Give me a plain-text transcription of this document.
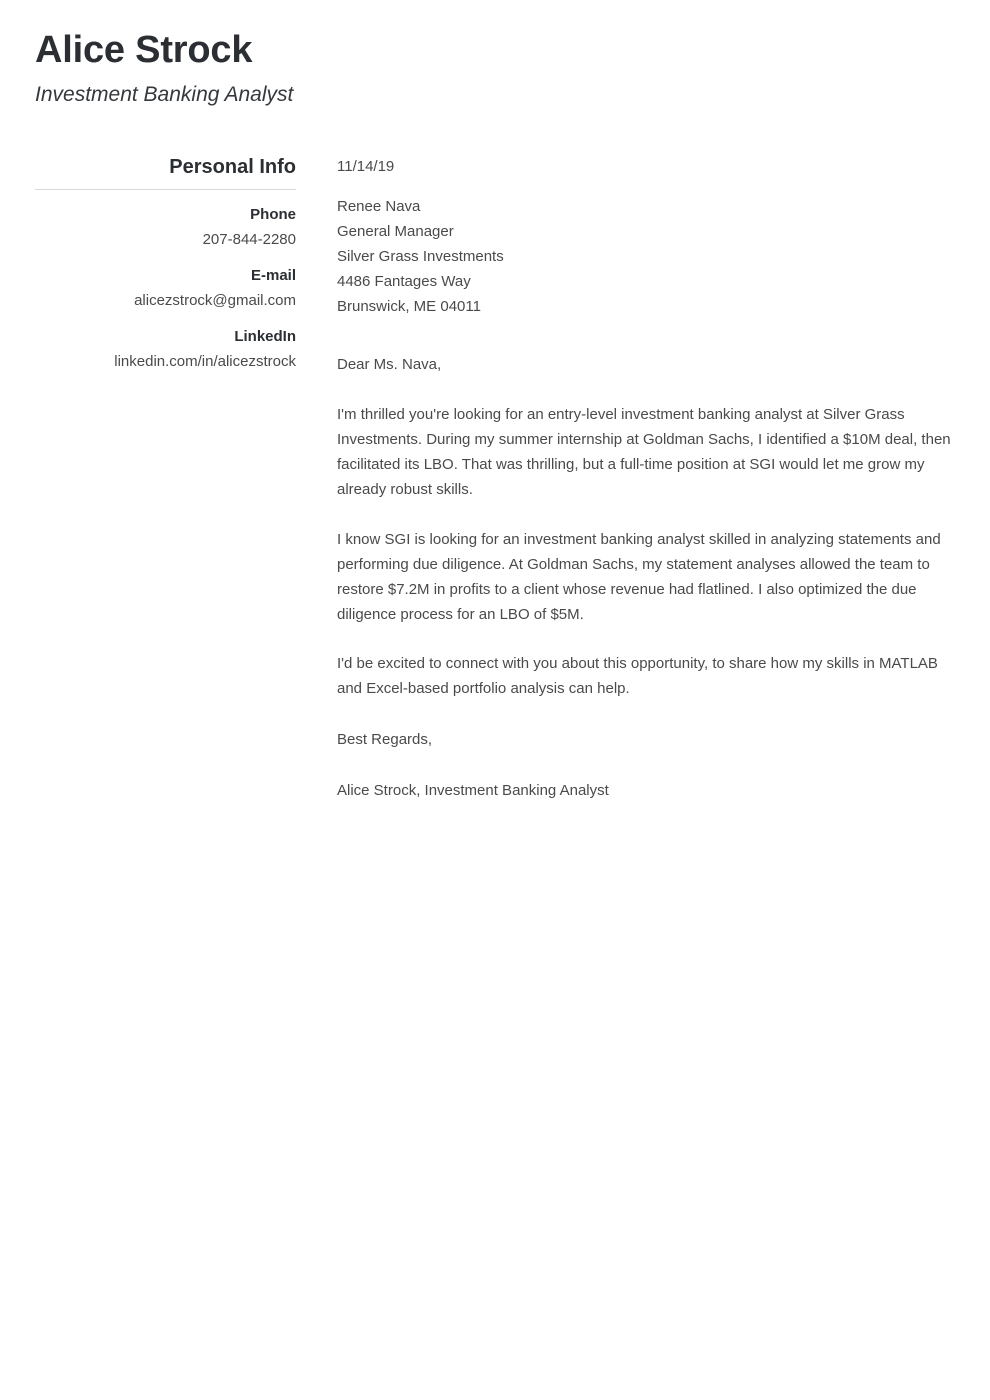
Alice Strock
Investment Banking Analyst
Personal Info
Phone
207-844-2280
E-mail
alicezstrock@gmail.com
LinkedIn
linkedin.com/in/alicezstrock
11/14/19
Renee Nava
General Manager
Silver Grass Investments
4486 Fantages Way
Brunswick, ME 04011

Dear Ms. Nava,

I'm thrilled you're looking for an entry-level investment banking analyst at Silver Grass Investments. During my summer internship at Goldman Sachs, I identified a $10M deal, then facilitated its LBO. That was thrilling, but a full-time position at SGI would let me grow my already robust skills.

I know SGI is looking for an investment banking analyst skilled in analyzing statements and performing due diligence. At Goldman Sachs, my statement analyses allowed the team to restore $7.2M in profits to a client whose revenue had flatlined. I also optimized the due diligence process for an LBO of $5M.

I'd be excited to connect with you about this opportunity, to share how my skills in MATLAB and Excel-based portfolio analysis can help.

Best Regards,

Alice Strock, Investment Banking Analyst
